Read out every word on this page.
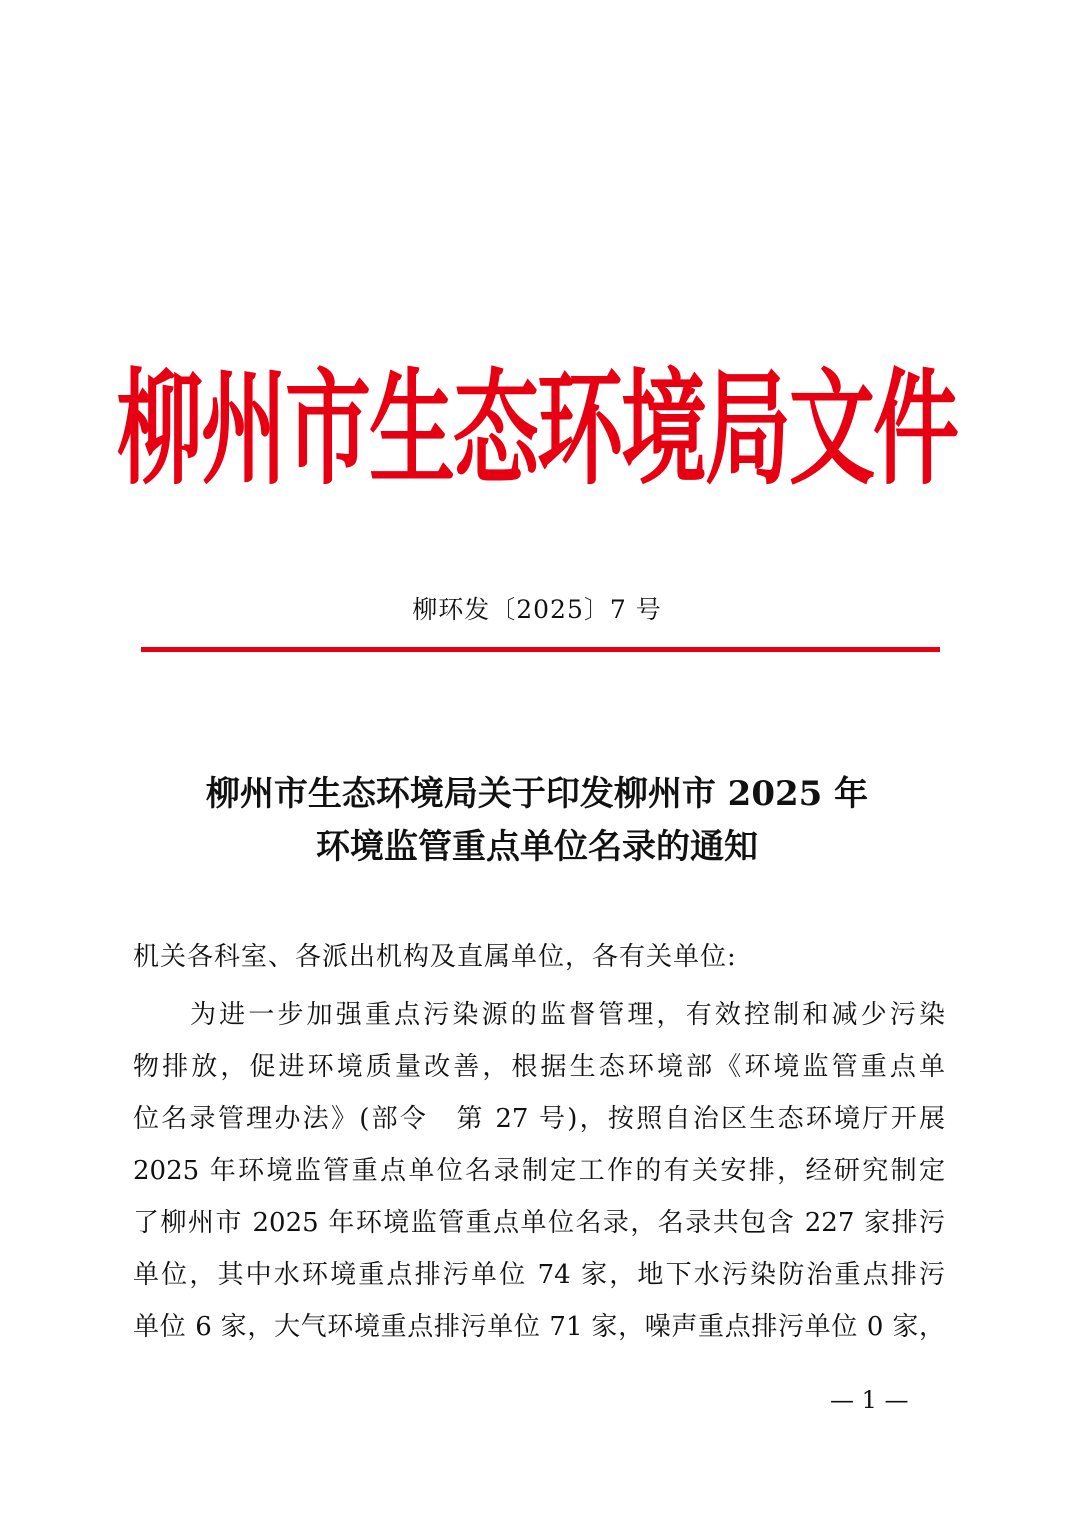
柳州市生态环境局文件
柳环发〔2025〕7 号
柳州市生态环境局关于印发柳州市 2025 年
环境监管重点单位名录的通知
机关各科室、各派出机构及直属单位，各有关单位:
为进一步加强重点污染源的监督管理，有效控制和减少污染
物排放，促进环境质量改善，根据生态环境部《环境监管重点单
位名录管理办法》(部令　第 27 号)，按照自治区生态环境厅开展
2025 年环境监管重点单位名录制定工作的有关安排，经研究制定
了柳州市 2025 年环境监管重点单位名录，名录共包含 227 家排污
单位，其中水环境重点排污单位 74 家，地下水污染防治重点排污
单位 6 家，大气环境重点排污单位 71 家，噪声重点排污单位 0 家，
— 1 —
